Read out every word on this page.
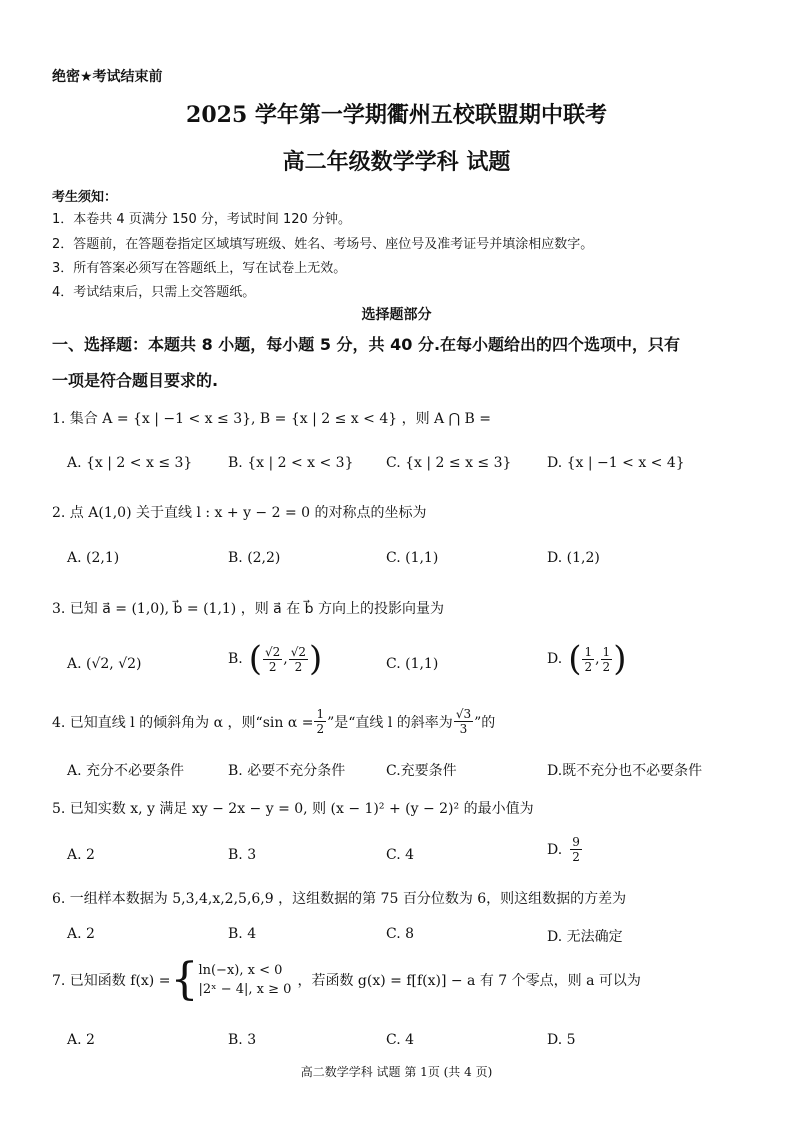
绝密★考试结束前
2025 学年第一学期衢州五校联盟期中联考
高二年级数学学科 试题
考生须知：
1．本卷共 4 页满分 150 分，考试时间 120 分钟。
2．答题前，在答题卷指定区域填写班级、姓名、考场号、座位号及准考证号并填涂相应数字。
3．所有答案必须写在答题纸上，写在试卷上无效。
4．考试结束后，只需上交答题纸。
选择题部分
一、选择题：本题共 8 小题，每小题 5 分，共 40 分.在每小题给出的四个选项中，只有
一项是符合题目要求的.
1. 集合 A = {x | −1 < x ≤ 3}, B = {x | 2 ≤ x < 4} ，则 A ⋂ B =
A. {x | 2 < x ≤ 3}	B. {x | 2 < x < 3} C. {x | 2 ≤ x ≤ 3}	D. {x | −1 < x < 4}
2. 点 A(1,0) 关于直线 l : x + y − 2 = 0 的对称点的坐标为
A. (2,1)	B. (2,2)	C. (1,1)	D. (1,2)
3. 已知 a⃗ = (1,0), b⃗ = (1,1) ，则 a⃗ 在 b⃗ 方向上的投影向量为
A. (√2, √2)	B. ( $\frac{√2}{2}$ , $\frac{√2}{2}$ )	C. (1,1)	D. ( $\frac{1}{2}$ , $\frac{1}{2}$ )
4. 已知直线 l 的倾斜角为 α ，则“sin $\alpha = \frac{1}{2}$ ”是“直线 l 的斜率为 $\frac{√3}{3}$ ”的
A. 充分不必要条件	B. 必要不充分条件	C.充要条件	D.既不充分也不必要条件
5. 已知实数 x, y 满足 xy − 2x − y = 0, 则 (x − 1)² + (y − 2)² 的最小值为
A. 2	B. 3	C. 4	D. $\frac{9}{2}$
6. 一组样本数据为 5,3,4,x,2,5,6,9 ，这组数据的第 75 百分位数为 6，则这组数据的方差为
A. 2	B. 4	C. 8	D. 无法确定
7. 已知函数 f(x) = { ln(−x), x < 0
|2ˣ − 4|, x ≥ 0
，若函数 g(x) = f[f(x)] − a 有 7 个零点，则 a 可以为
A. 2	B. 3	C. 4	D. 5
高二数学学科 试题 第 1页 (共 4 页)
